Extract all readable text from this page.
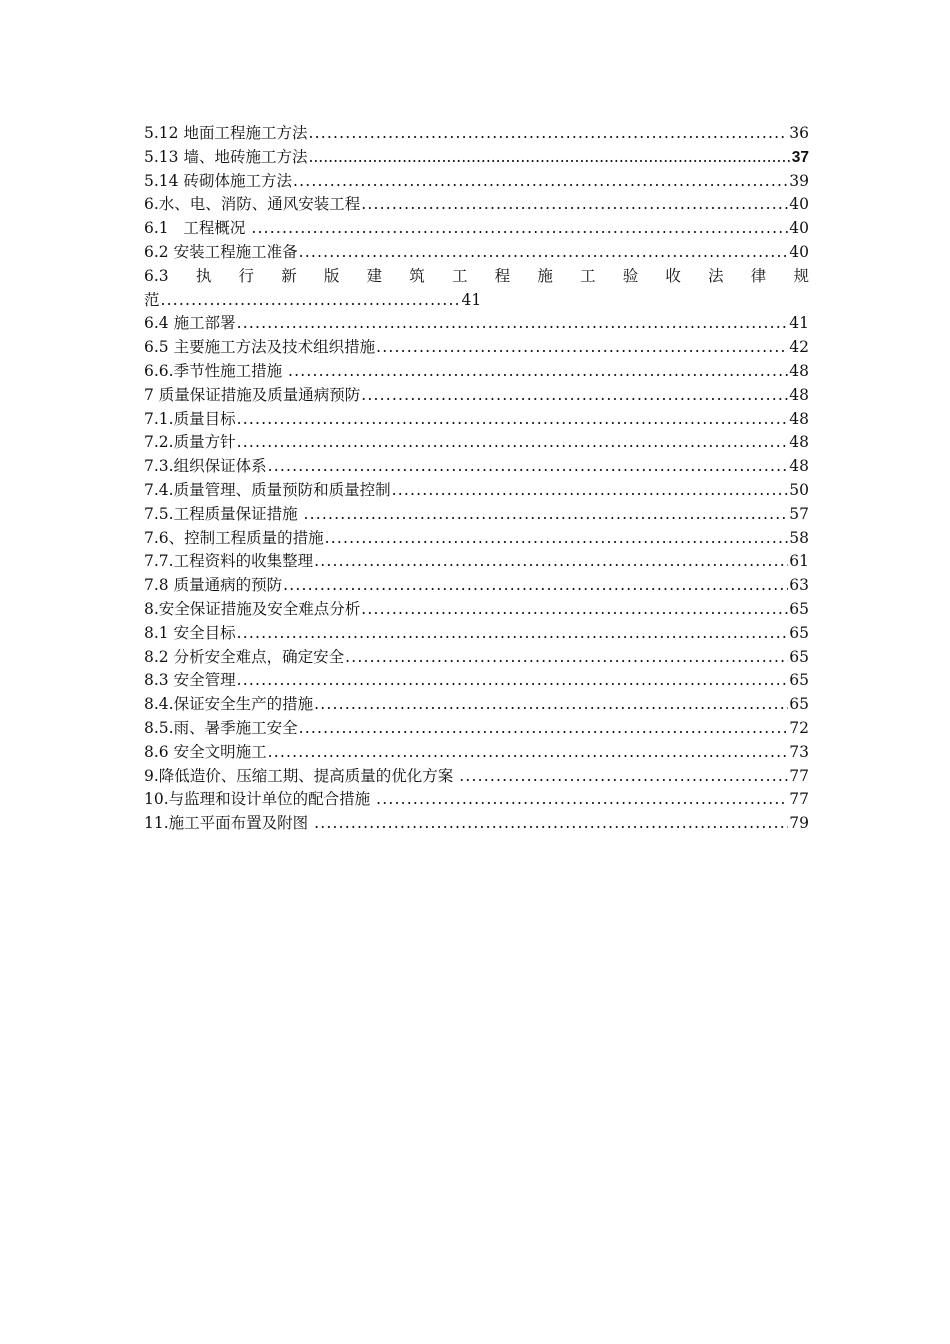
5.12 地面工程施工方法 .....	36
5.13 墙、地砖施工方法 .....	37
5.14 砖砌体施工方法 .....	39
6.水、电、消防、通风安装工程 .....	40
6.1   工程概况 .....	40
6.2 安装工程施工准备 .....	40
6.3 执 行 新 版 建 筑 工 程 施 工 验 收 法 律 规
范 .....	41
6.4 施工部署 .....	41
6.5 主要施工方法及技术组织措施 .....	42
6.6.季节性施工措施 .....	48
7 质量保证措施及质量通病预防 .....	48
7.1.质量目标 .....	48
7.2.质量方针 .....	48
7.3.组织保证体系 .....	48
7.4.质量管理、质量预防和质量控制 .....	50
7.5.工程质量保证措施 .....	57
7.6、控制工程质量的措施 .....	58
7.7.工程资料的收集整理 .....	61
7.8 质量通病的预防 .....	63
8.安全保证措施及安全难点分析 .....	65
8.1 安全目标 .....	65
8.2 分析安全难点，确定安全 .....	65
8.3 安全管理 .....	65
8.4.保证安全生产的措施 .....	65
8.5.雨、暑季施工安全 .....	72
8.6 安全文明施工 .....	73
9.降低造价、压缩工期、提高质量的优化方案 .....	77
10.与监理和设计单位的配合措施 .....	77
11.施工平面布置及附图 .....	79
